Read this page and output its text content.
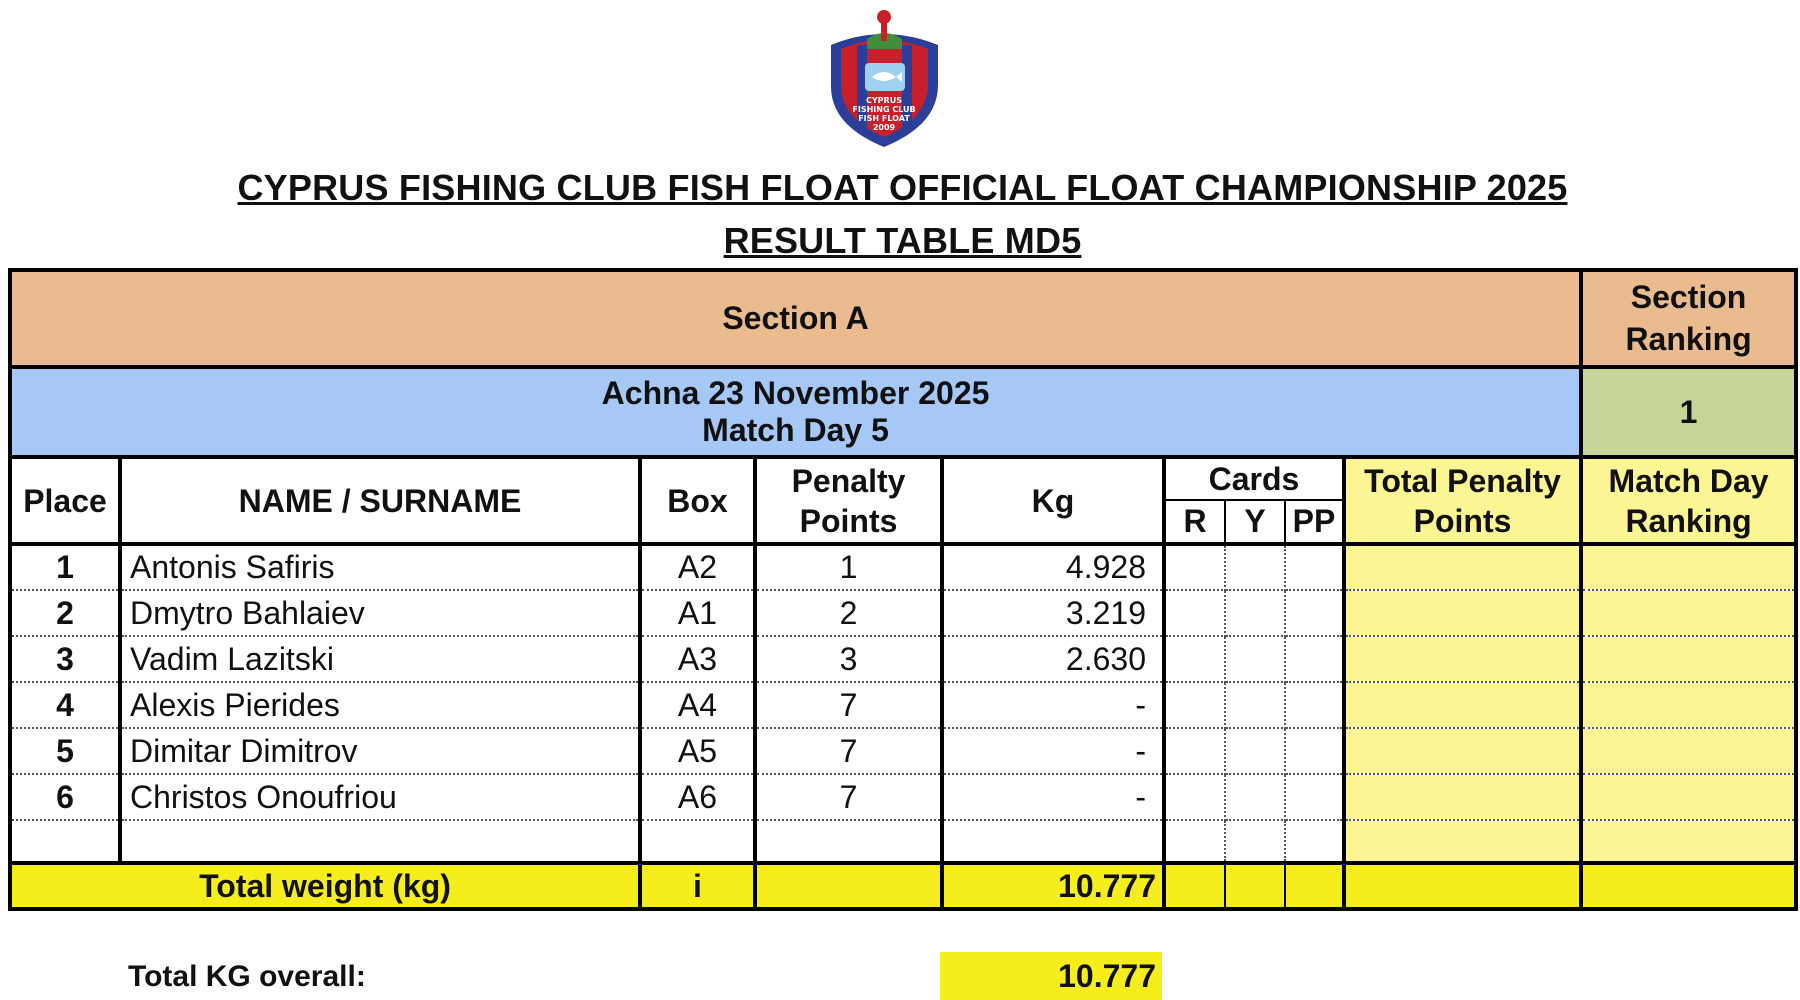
CYPRUS
FISHING CLUB
FISH FLOAT
2009
CYPRUS FISHING CLUB FISH FLOAT OFFICIAL FLOAT CHAMPIONSHIP 2025
RESULT TABLE MD5
Section A									Section Ranking

Achna 23 November 2025
Match Day 5									1
Place	NAME / SURNAME	Box	Penalty Points	Kg	Cards			Total Penalty Points	Match Day Ranking
					R	Y	PP		
1	Antonis Safiris	A2	1	4.928					
2	Dmytro Bahlaiev	A1	2	3.219					
3	Vadim Lazitski	A3	3	2.630					
4	Alexis Pierides	A4	7	-					
5	Dimitar Dimitrov	A5	7	-					
6	Christos Onoufriou	A6	7	-					

Total weight (kg)		i		10.777					
Total KG overall:	10.777
